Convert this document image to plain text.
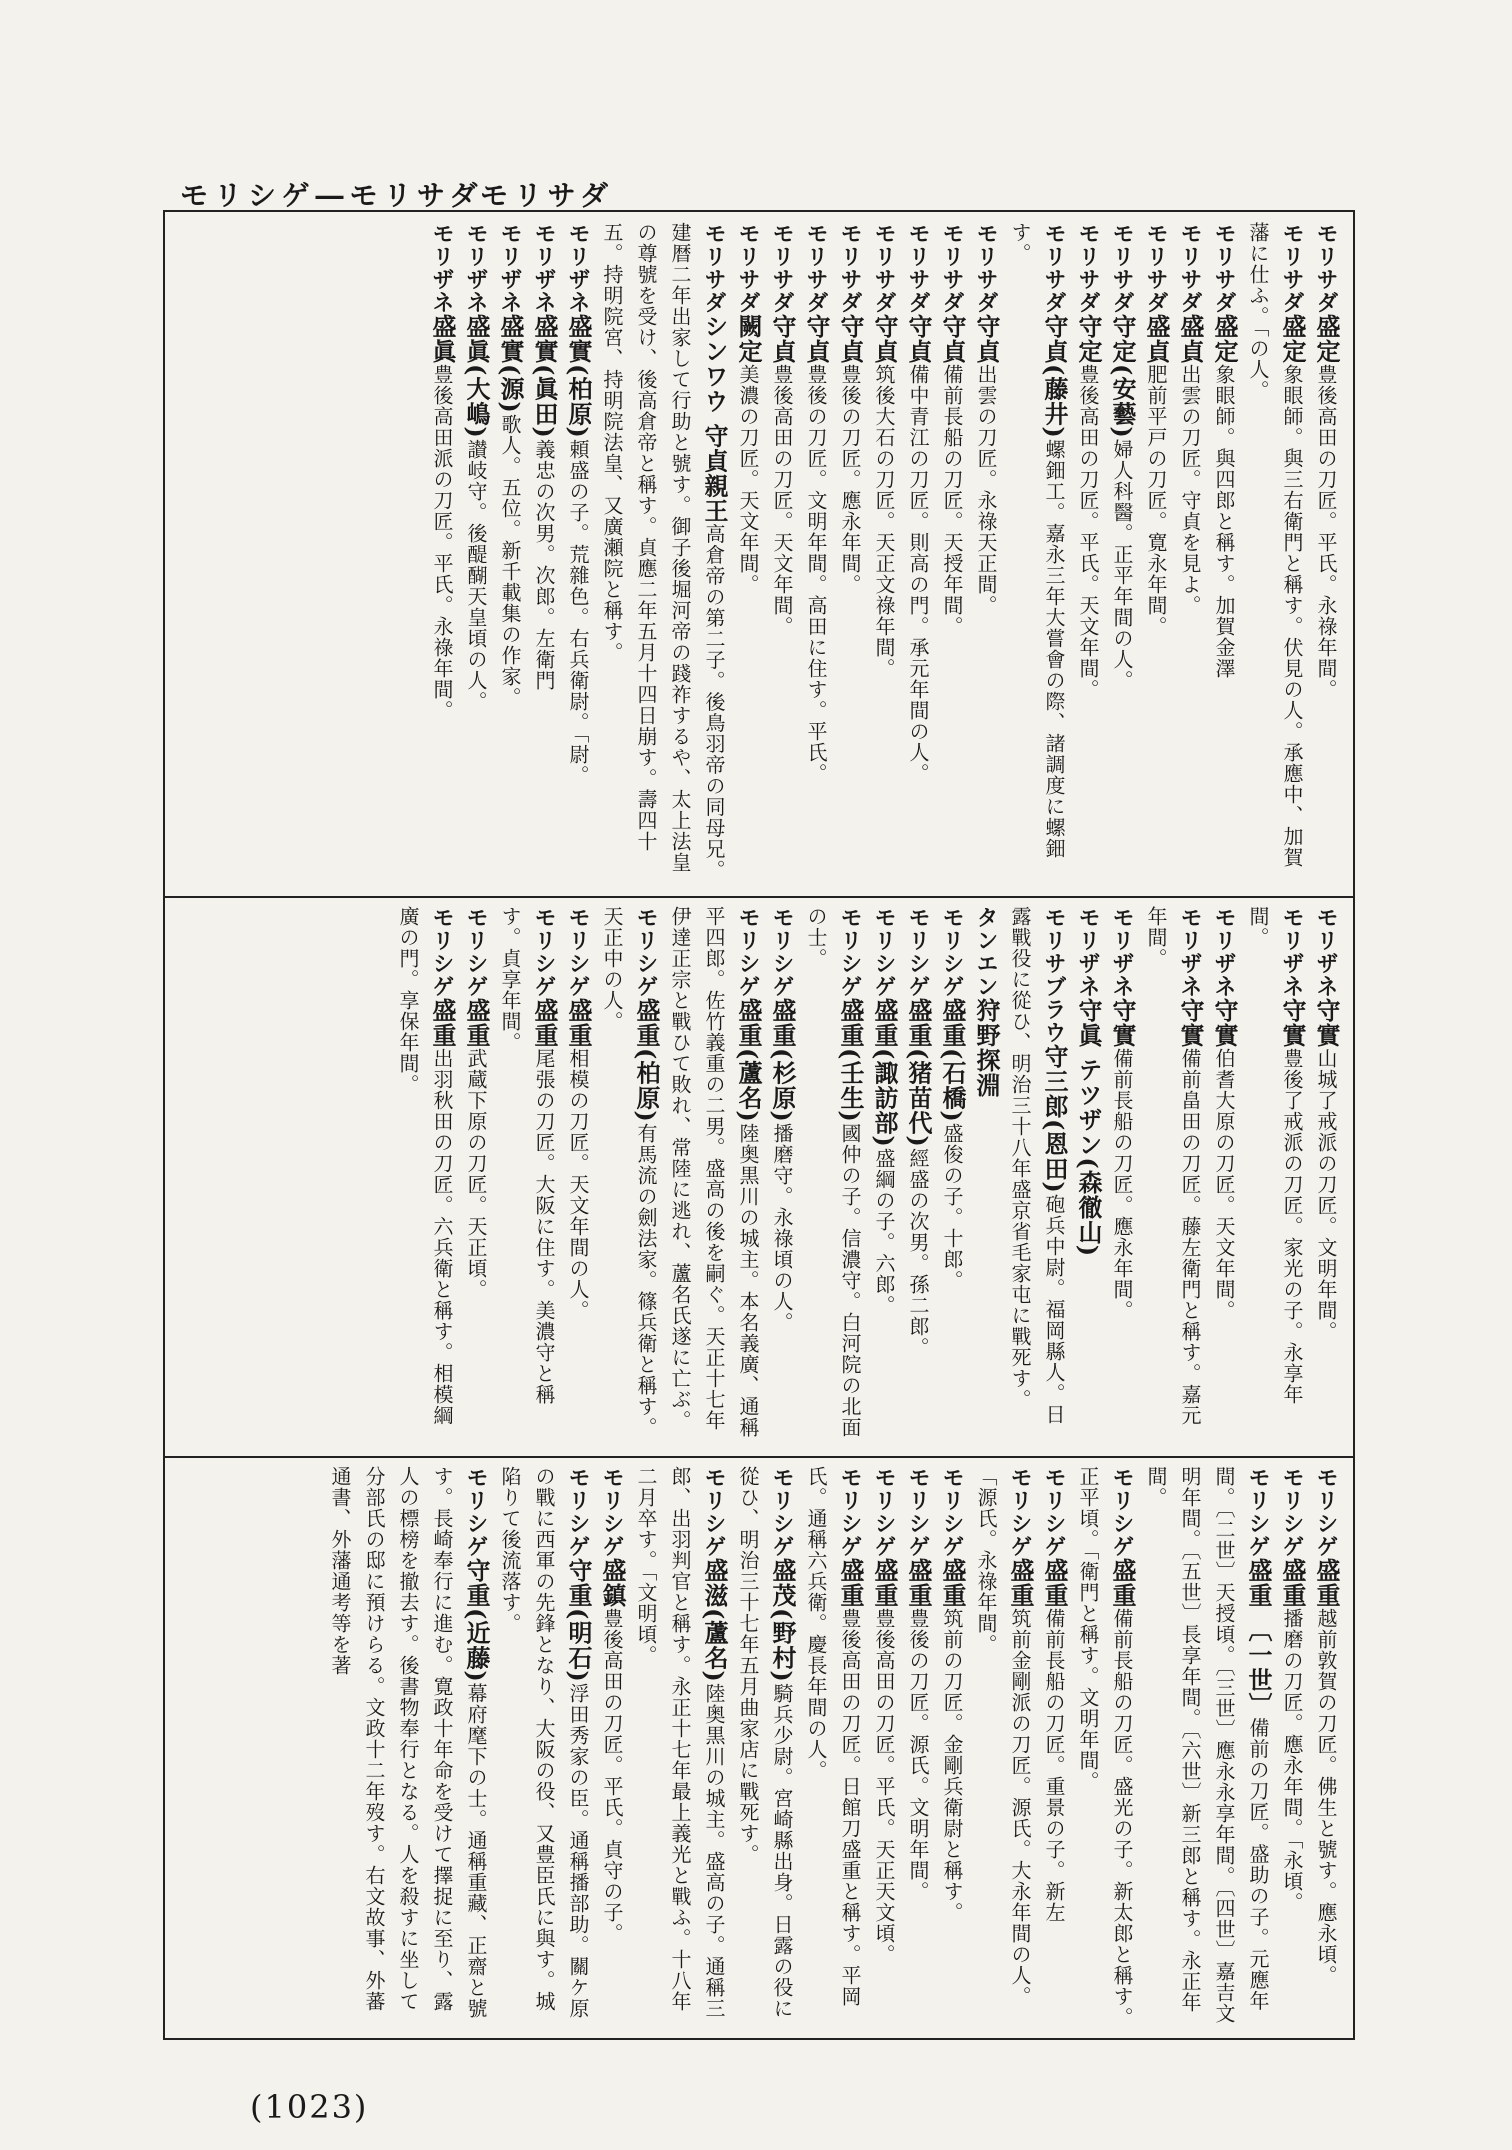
モリシゲ―モリサダ
モリサダ
モリサダ盛定豊後高田の刀匠。平氏。永祿年間。
モリサダ盛定象眼師。與三右衛門と稱す。伏見の人。承應中、加賀藩に仕ふ。「の人。
モリサダ盛定象眼師。與四郎と稱す。加賀金澤
モリサダ盛貞出雲の刀匠。守貞を見よ。
モリサダ盛貞肥前平戸の刀匠。寛永年間。
モリサダ守定(安藝)婦人科醫。正平年間の人。
モリサダ守定豊後高田の刀匠。平氏。天文年間。
モリサダ守貞(藤井)螺鈿工。嘉永三年大嘗會の際、諸調度に螺鈿す。
モリサダ守貞出雲の刀匠。永祿天正間。
モリサダ守貞備前長船の刀匠。天授年間。
モリサダ守貞備中青江の刀匠。則高の門。承元年間の人。
モリサダ守貞筑後大石の刀匠。天正文祿年間。
モリサダ守貞豊後の刀匠。應永年間。
モリサダ守貞豊後の刀匠。文明年間。高田に住す。平氏。
モリサダ守貞豊後高田の刀匠。天文年間。
モリサダ闕定美濃の刀匠。天文年間。
モリサダシンワウ 守貞親王高倉帝の第二子。後鳥羽帝の同母兄。建暦二年出家して行助と號す。御子後堀河帝の踐祚するや、太上法皇の尊號を受け、後高倉帝と稱す。貞應二年五月十四日崩す。壽四十五。持明院宮、持明院法皇、又廣瀬院と稱す。
モリザネ盛實(柏原)頼盛の子。荒雜色。右兵衛尉。「尉。
モリザネ盛實(眞田)義忠の次男。次郎。左衛門
モリザネ盛實(源)歌人。五位。新千載集の作家。
モリザネ盛眞(大嶋)讃岐守。後醍醐天皇頃の人。
モリザネ盛眞豊後高田派の刀匠。平氏。永祿年間。
モリザネ守實山城了戒派の刀匠。文明年間。
モリザネ守實豊後了戒派の刀匠。家光の子。永享年間。
モリザネ守實伯耆大原の刀匠。天文年間。
モリザネ守實備前畠田の刀匠。藤左衛門と稱す。嘉元年間。
モリザネ守實備前長船の刀匠。應永年間。
モリザネ守眞 テツザン(森徹山)
モリサブラウ守三郎(恩田)砲兵中尉。福岡縣人。日露戰役に從ひ、明治三十八年盛京省毛家屯に戰死す。
タンエン狩野探淵
モリシゲ盛重(石橋)盛俊の子。十郎。
モリシゲ盛重(猪苗代)經盛の次男。孫二郎。
モリシゲ盛重(諏訪部)盛綱の子。六郎。
モリシゲ盛重(壬生)國仲の子。信濃守。白河院の北面の士。
モリシゲ盛重(杉原)播磨守。永祿頃の人。
モリシゲ盛重(蘆名)陸奥黒川の城主。本名義廣、通稱平四郎。佐竹義重の二男。盛高の後を嗣ぐ。天正十七年伊達正宗と戰ひて敗れ、常陸に逃れ、蘆名氏遂に亡ぶ。
モリシゲ盛重(柏原)有馬流の劍法家。篠兵衛と稱す。天正中の人。
モリシゲ盛重相模の刀匠。天文年間の人。
モリシゲ盛重尾張の刀匠。大阪に住す。美濃守と稱す。貞享年間。
モリシゲ盛重武蔵下原の刀匠。天正頃。
モリシゲ盛重出羽秋田の刀匠。六兵衛と稱す。相模綱廣の門。享保年間。
モリシゲ盛重越前敦賀の刀匠。佛生と號す。應永頃。
モリシゲ盛重播磨の刀匠。應永年間。「永頃。
モリシゲ盛重 〔一世〕備前の刀匠。盛助の子。元應年間。〔二世〕天授頃。〔三世〕應永永享年間。〔四世〕嘉吉文明年間。〔五世〕長享年間。〔六世〕新三郎と稱す。永正年間。
モリシゲ盛重備前長船の刀匠。盛光の子。新太郎と稱す。正平頃。「衛門と稱す。文明年間。
モリシゲ盛重備前長船の刀匠。重景の子。新左
モリシゲ盛重筑前金剛派の刀匠。源氏。大永年間の人。「源氏。永祿年間。
モリシゲ盛重筑前の刀匠。金剛兵衛尉と稱す。
モリシゲ盛重豊後の刀匠。源氏。文明年間。
モリシゲ盛重豊後高田の刀匠。平氏。天正天文頃。
モリシゲ盛重豊後高田の刀匠。日館刀盛重と稱す。平岡氏。通稱六兵衛。慶長年間の人。
モリシゲ盛茂(野村)騎兵少尉。宮崎縣出身。日露の役に從ひ、明治三十七年五月曲家店に戰死す。
モリシゲ盛滋(蘆名)陸奥黒川の城主。盛高の子。通稱三郎、出羽判官と稱す。永正十七年最上義光と戰ふ。十八年二月卒す。「文明頃。
モリシゲ盛鎮豊後高田の刀匠。平氏。貞守の子。
モリシゲ守重(明石)浮田秀家の臣。通稱播部助。關ケ原の戰に西軍の先鋒となり、大阪の役、又豊臣氏に與す。城陷りて後流落す。
モリシゲ守重(近藤)幕府麾下の士。通稱重藏、正齋と號す。長崎奉行に進む。寛政十年命を受けて擇捉に至り、露人の標榜を撤去す。後書物奉行となる。人を殺すに坐して分部氏の邸に預けらる。文政十二年歿す。右文故事、外蕃通書、外藩通考等を著
(1023)
